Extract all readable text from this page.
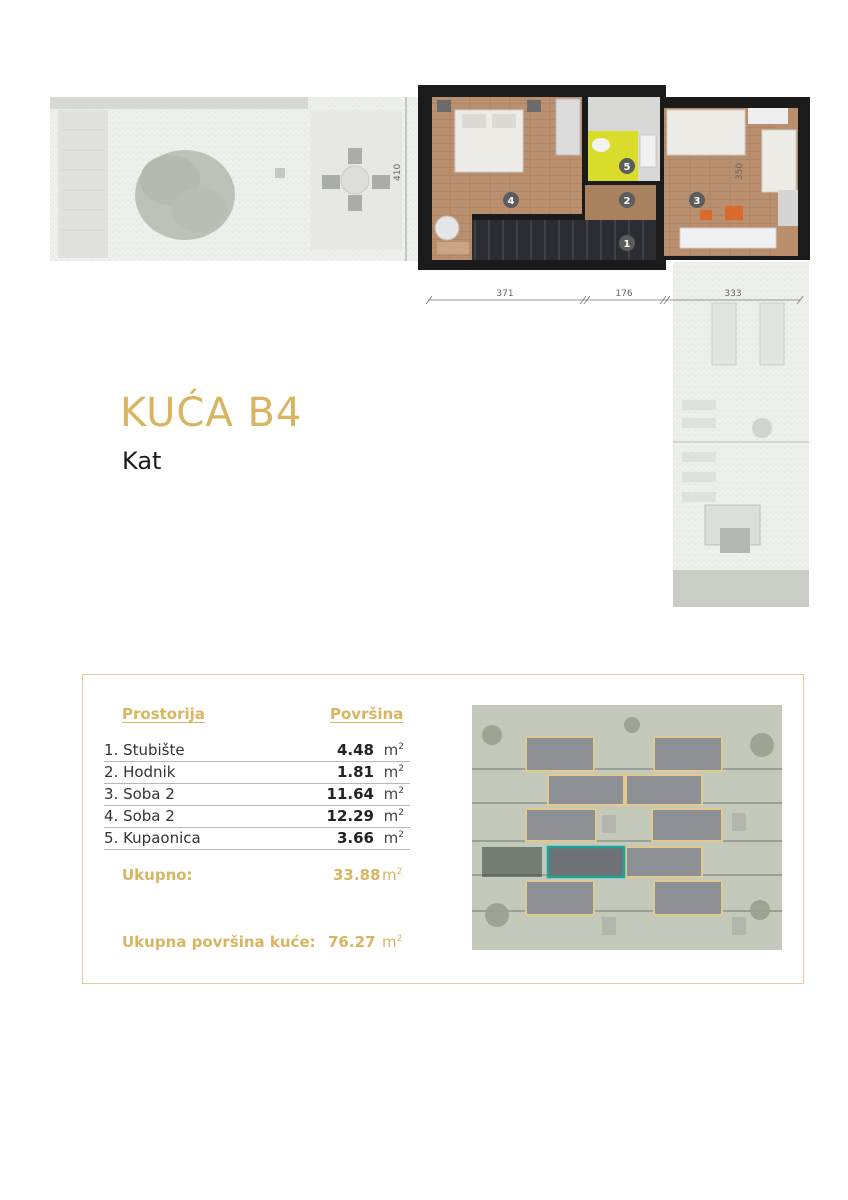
410
1
2	3
4
5	350
371	176	333
KUĆA B4
Kat
Prostorija	Površina
1. Stubište	4.48 $m^2$
2. Hodnik	1.81 $m^2$
3. Soba 2	11.64 $m^2$
4. Soba 2	12.29 $m^2$
5. Kupaonica	3.66 $m^2$
Ukupno:	33.88 $m^2$
Ukupna površina kuće: 76.27 $m^2$
